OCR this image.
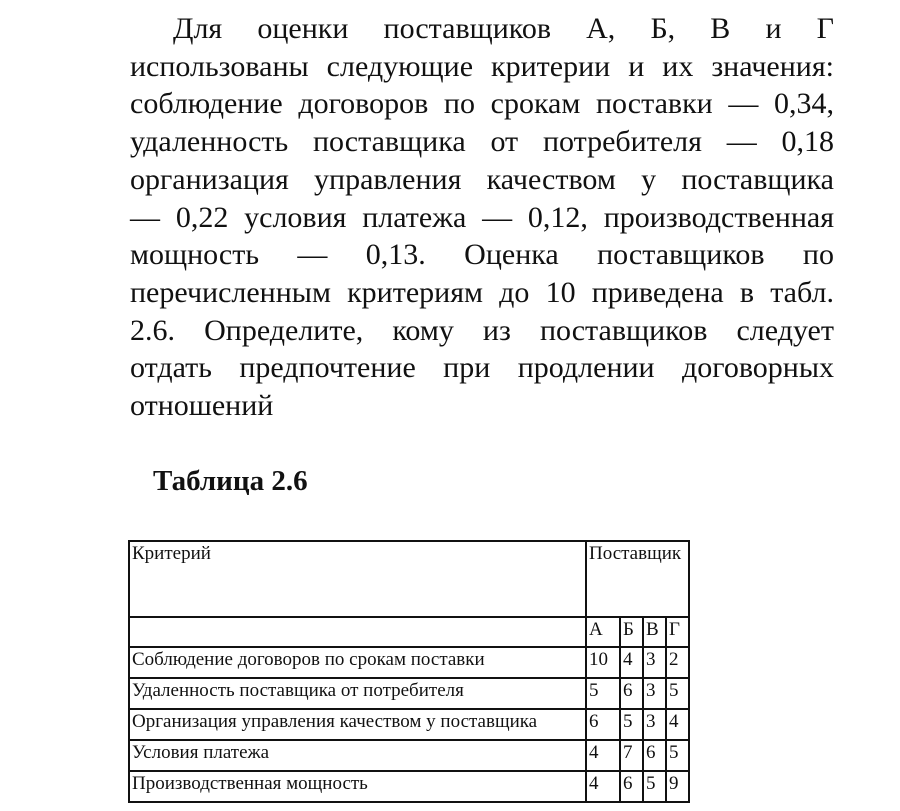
Для оценки поставщиков А, Б, В и Г
использованы следующие критерии и их значения:
соблюдение договоров по срокам поставки — 0,34,
удаленность поставщика от потребителя — 0,18
организация управления качеством у поставщика
— 0,22 условия платежа — 0,12, производственная
мощность — 0,13. Оценка поставщиков по
перечисленным критериям до 10 приведена в табл.
2.6. Определите, кому из поставщиков следует
отдать предпочтение при продлении договорных
отношений
Таблица 2.6
Критерий	Поставщик			
	А	Б	В	Г
Соблюдение договоров по срокам поставки	10	4	3	2
Удаленность поставщика от потребителя	5	6	3	5
Организация управления качеством у поставщика	6	5	3	4
Условия платежа	4	7	6	5
Производственная мощность	4	6	5	9
